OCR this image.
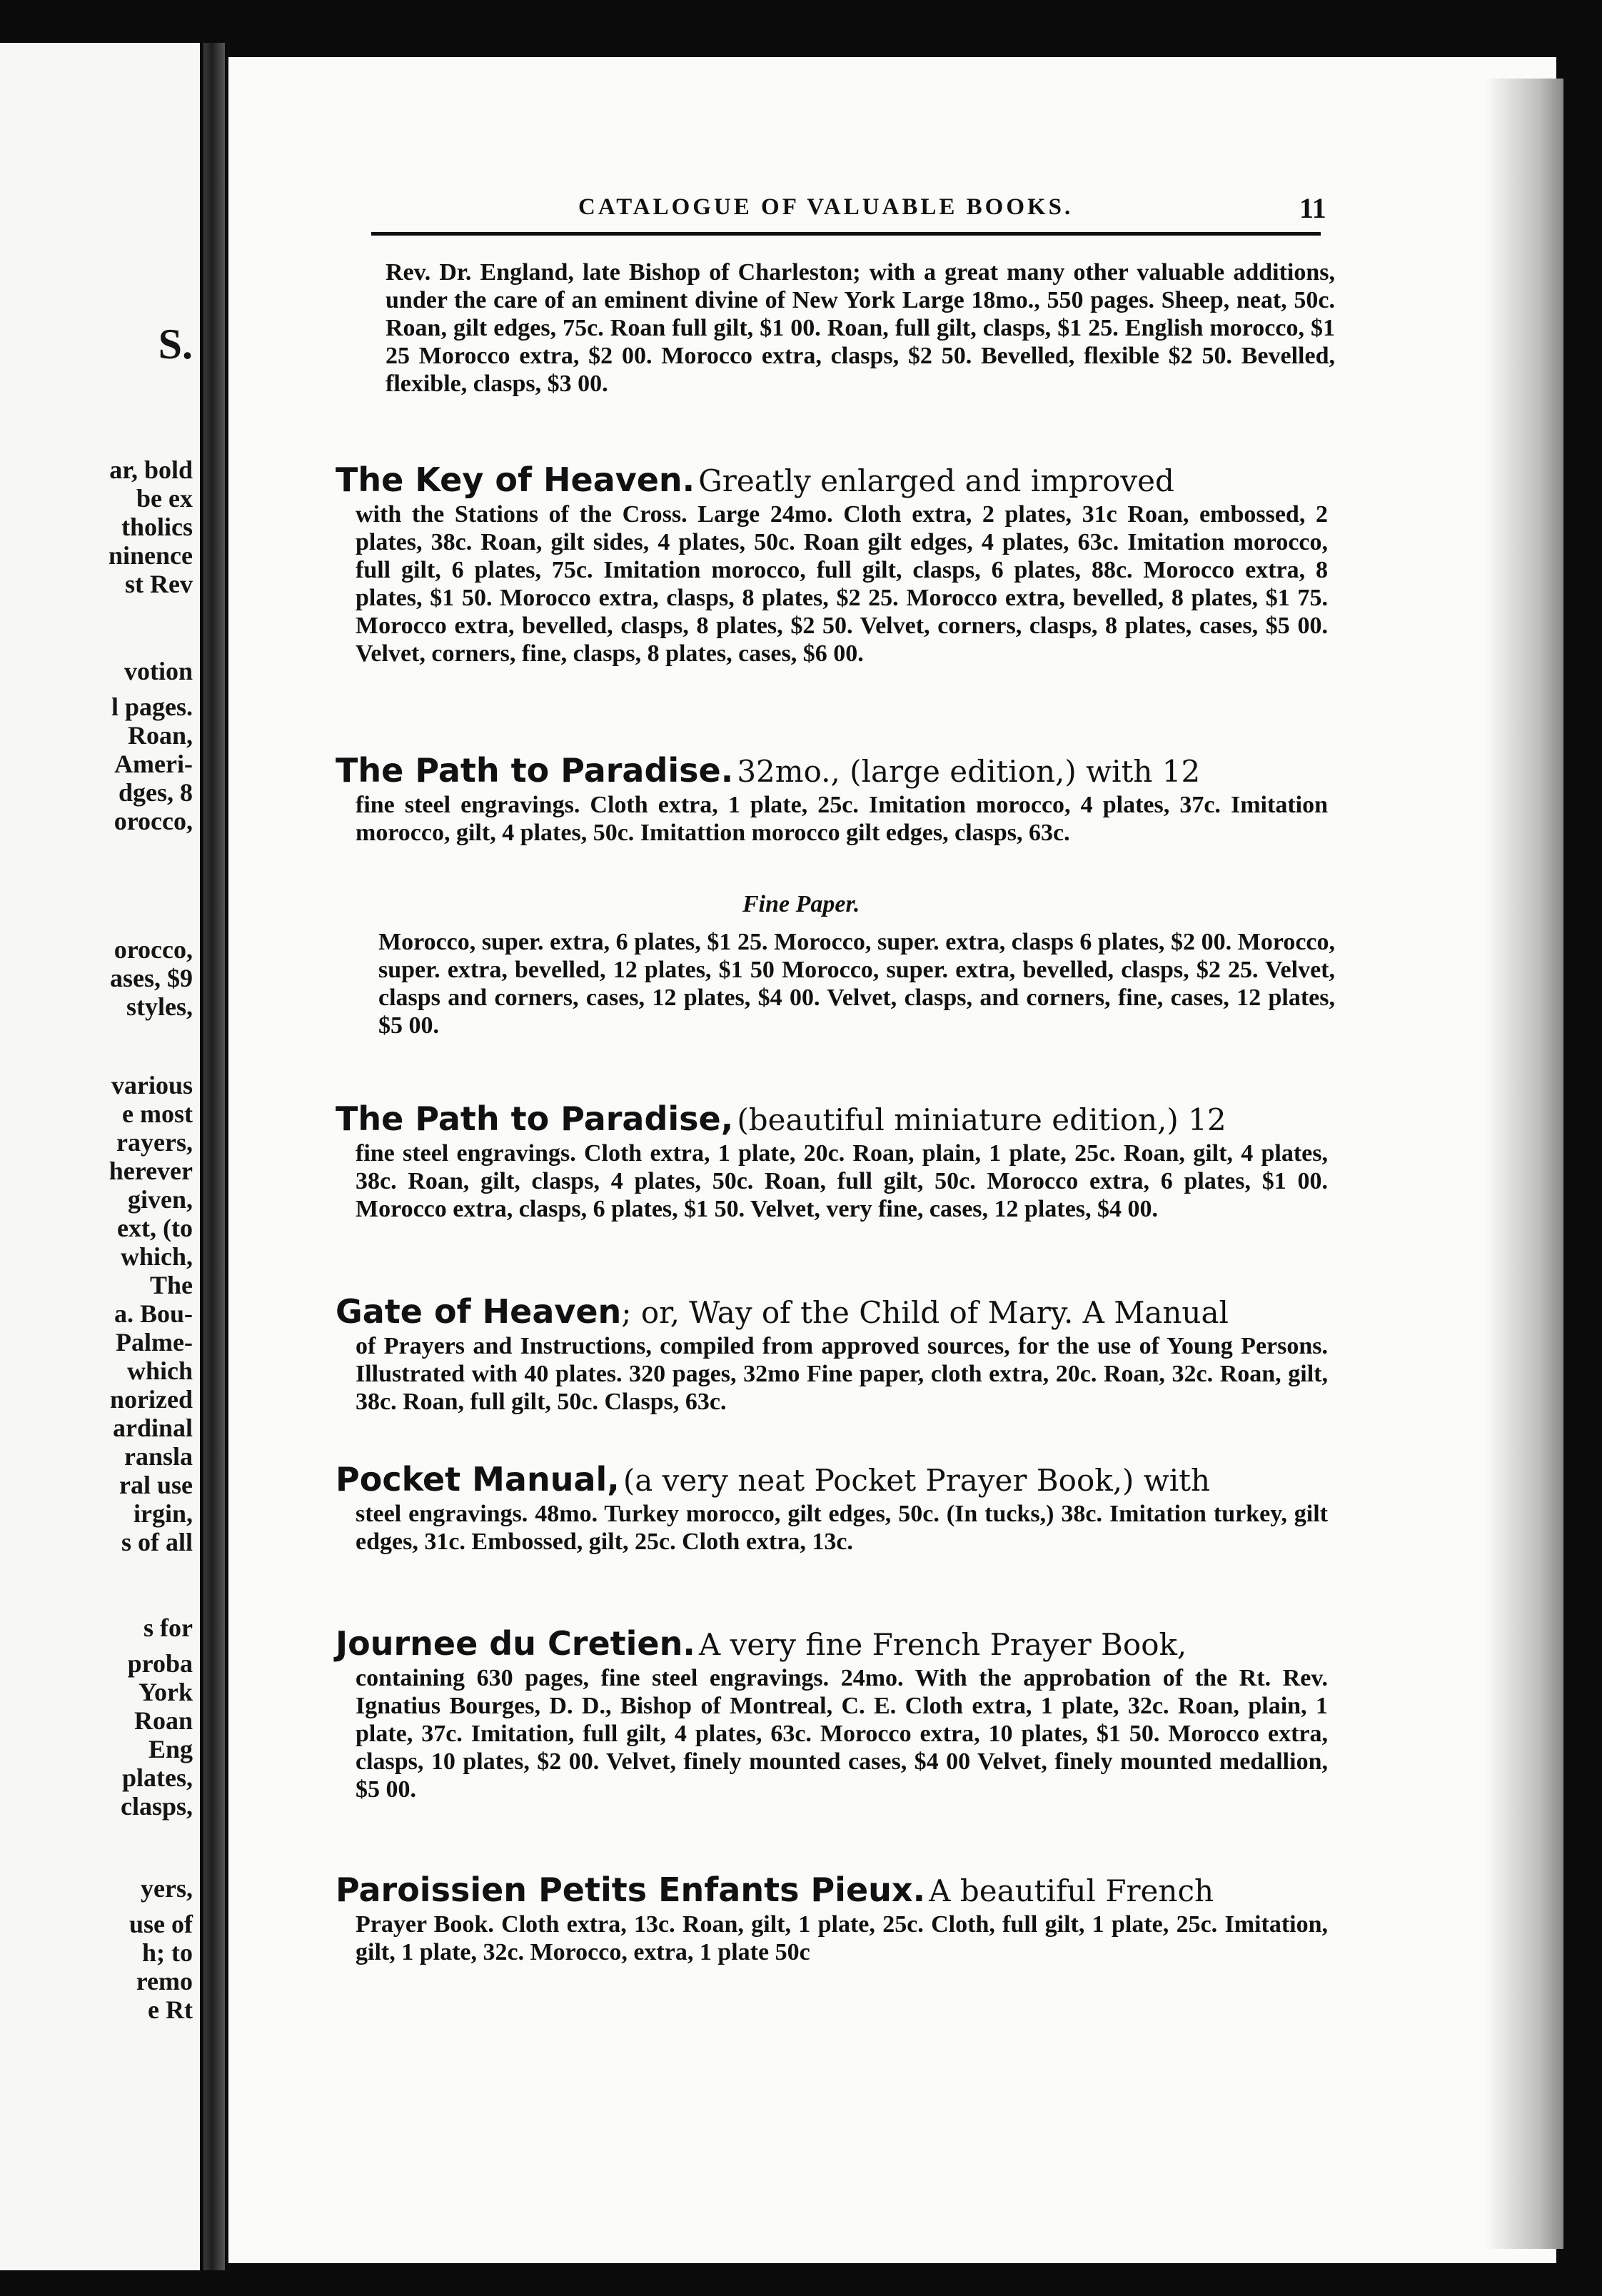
S.
ar, bold
be ex
tholics
ninence
st Rev
votion
l pages.
Roan,
Ameri-
dges, 8
orocco,
orocco,
ases, $9
styles,
various
e most
rayers,
herever
given,
ext, (to
which,
The
a. Bou-
Palme-
which
norized
ardinal
ransla
ral use
irgin,
s of all
s for
proba
York
Roan
Eng
plates,
clasps,
yers,
use of
h; to
remo
e Rt
CATALOGUE OF VALUABLE BOOKS.	11
Rev. Dr. England, late Bishop of Charleston; with a great many other valuable additions, under the care of an eminent divine of New York Large 18mo., 550 pages. Sheep, neat, 50c. Roan, gilt edges, 75c. Roan full gilt, $1 00. Roan, full gilt, clasps, $1 25. English morocco, $1 25 Morocco extra, $2 00. Morocco extra, clasps, $2 50. Bevelled, flexible $2 50. Bevelled, flexible, clasps, $3 00.
The Key of Heaven. Greatly enlarged and improved
with the Stations of the Cross. Large 24mo. Cloth extra, 2 plates, 31c Roan, embossed, 2 plates, 38c. Roan, gilt sides, 4 plates, 50c. Roan gilt edges, 4 plates, 63c. Imitation morocco, full gilt, 6 plates, 75c. Imitation morocco, full gilt, clasps, 6 plates, 88c. Morocco extra, 8 plates, $1 50. Morocco extra, clasps, 8 plates, $2 25. Morocco extra, bevelled, 8 plates, $1 75. Morocco extra, bevelled, clasps, 8 plates, $2 50. Velvet, corners, clasps, 8 plates, cases, $5 00. Velvet, corners, fine, clasps, 8 plates, cases, $6 00.
The Path to Paradise. 32mo., (large edition,) with 12
fine steel engravings. Cloth extra, 1 plate, 25c. Imitation morocco, 4 plates, 37c. Imitation morocco, gilt, 4 plates, 50c. Imitattion morocco gilt edges, clasps, 63c.
Fine Paper.
Morocco, super. extra, 6 plates, $1 25. Morocco, super. extra, clasps 6 plates, $2 00. Morocco, super. extra, bevelled, 12 plates, $1 50 Morocco, super. extra, bevelled, clasps, $2 25. Velvet, clasps and corners, cases, 12 plates, $4 00. Velvet, clasps, and corners, fine, cases, 12 plates, $5 00.
The Path to Paradise, (beautiful miniature edition,) 12
fine steel engravings. Cloth extra, 1 plate, 20c. Roan, plain, 1 plate, 25c. Roan, gilt, 4 plates, 38c. Roan, gilt, clasps, 4 plates, 50c. Roan, full gilt, 50c. Morocco extra, 6 plates, $1 00. Morocco extra, clasps, 6 plates, $1 50. Velvet, very fine, cases, 12 plates, $4 00.
Gate of Heaven; or, Way of the Child of Mary. A Manual
of Prayers and Instructions, compiled from approved sources, for the use of Young Persons. Illustrated with 40 plates. 320 pages, 32mo Fine paper, cloth extra, 20c. Roan, 32c. Roan, gilt, 38c. Roan, full gilt, 50c. Clasps, 63c.
Pocket Manual, (a very neat Pocket Prayer Book,) with
steel engravings. 48mo. Turkey morocco, gilt edges, 50c. (In tucks,) 38c. Imitation turkey, gilt edges, 31c. Embossed, gilt, 25c. Cloth extra, 13c.
Journee du Cretien. A very fine French Prayer Book,
containing 630 pages, fine steel engravings. 24mo. With the approbation of the Rt. Rev. Ignatius Bourges, D. D., Bishop of Montreal, C. E. Cloth extra, 1 plate, 32c. Roan, plain, 1 plate, 37c. Imitation, full gilt, 4 plates, 63c. Morocco extra, 10 plates, $1 50. Morocco extra, clasps, 10 plates, $2 00. Velvet, finely mounted cases, $4 00 Velvet, finely mounted medallion, $5 00.
Paroissien Petits Enfants Pieux. A beautiful French
Prayer Book. Cloth extra, 13c. Roan, gilt, 1 plate, 25c. Cloth, full gilt, 1 plate, 25c. Imitation, gilt, 1 plate, 32c. Morocco, extra, 1 plate 50c
